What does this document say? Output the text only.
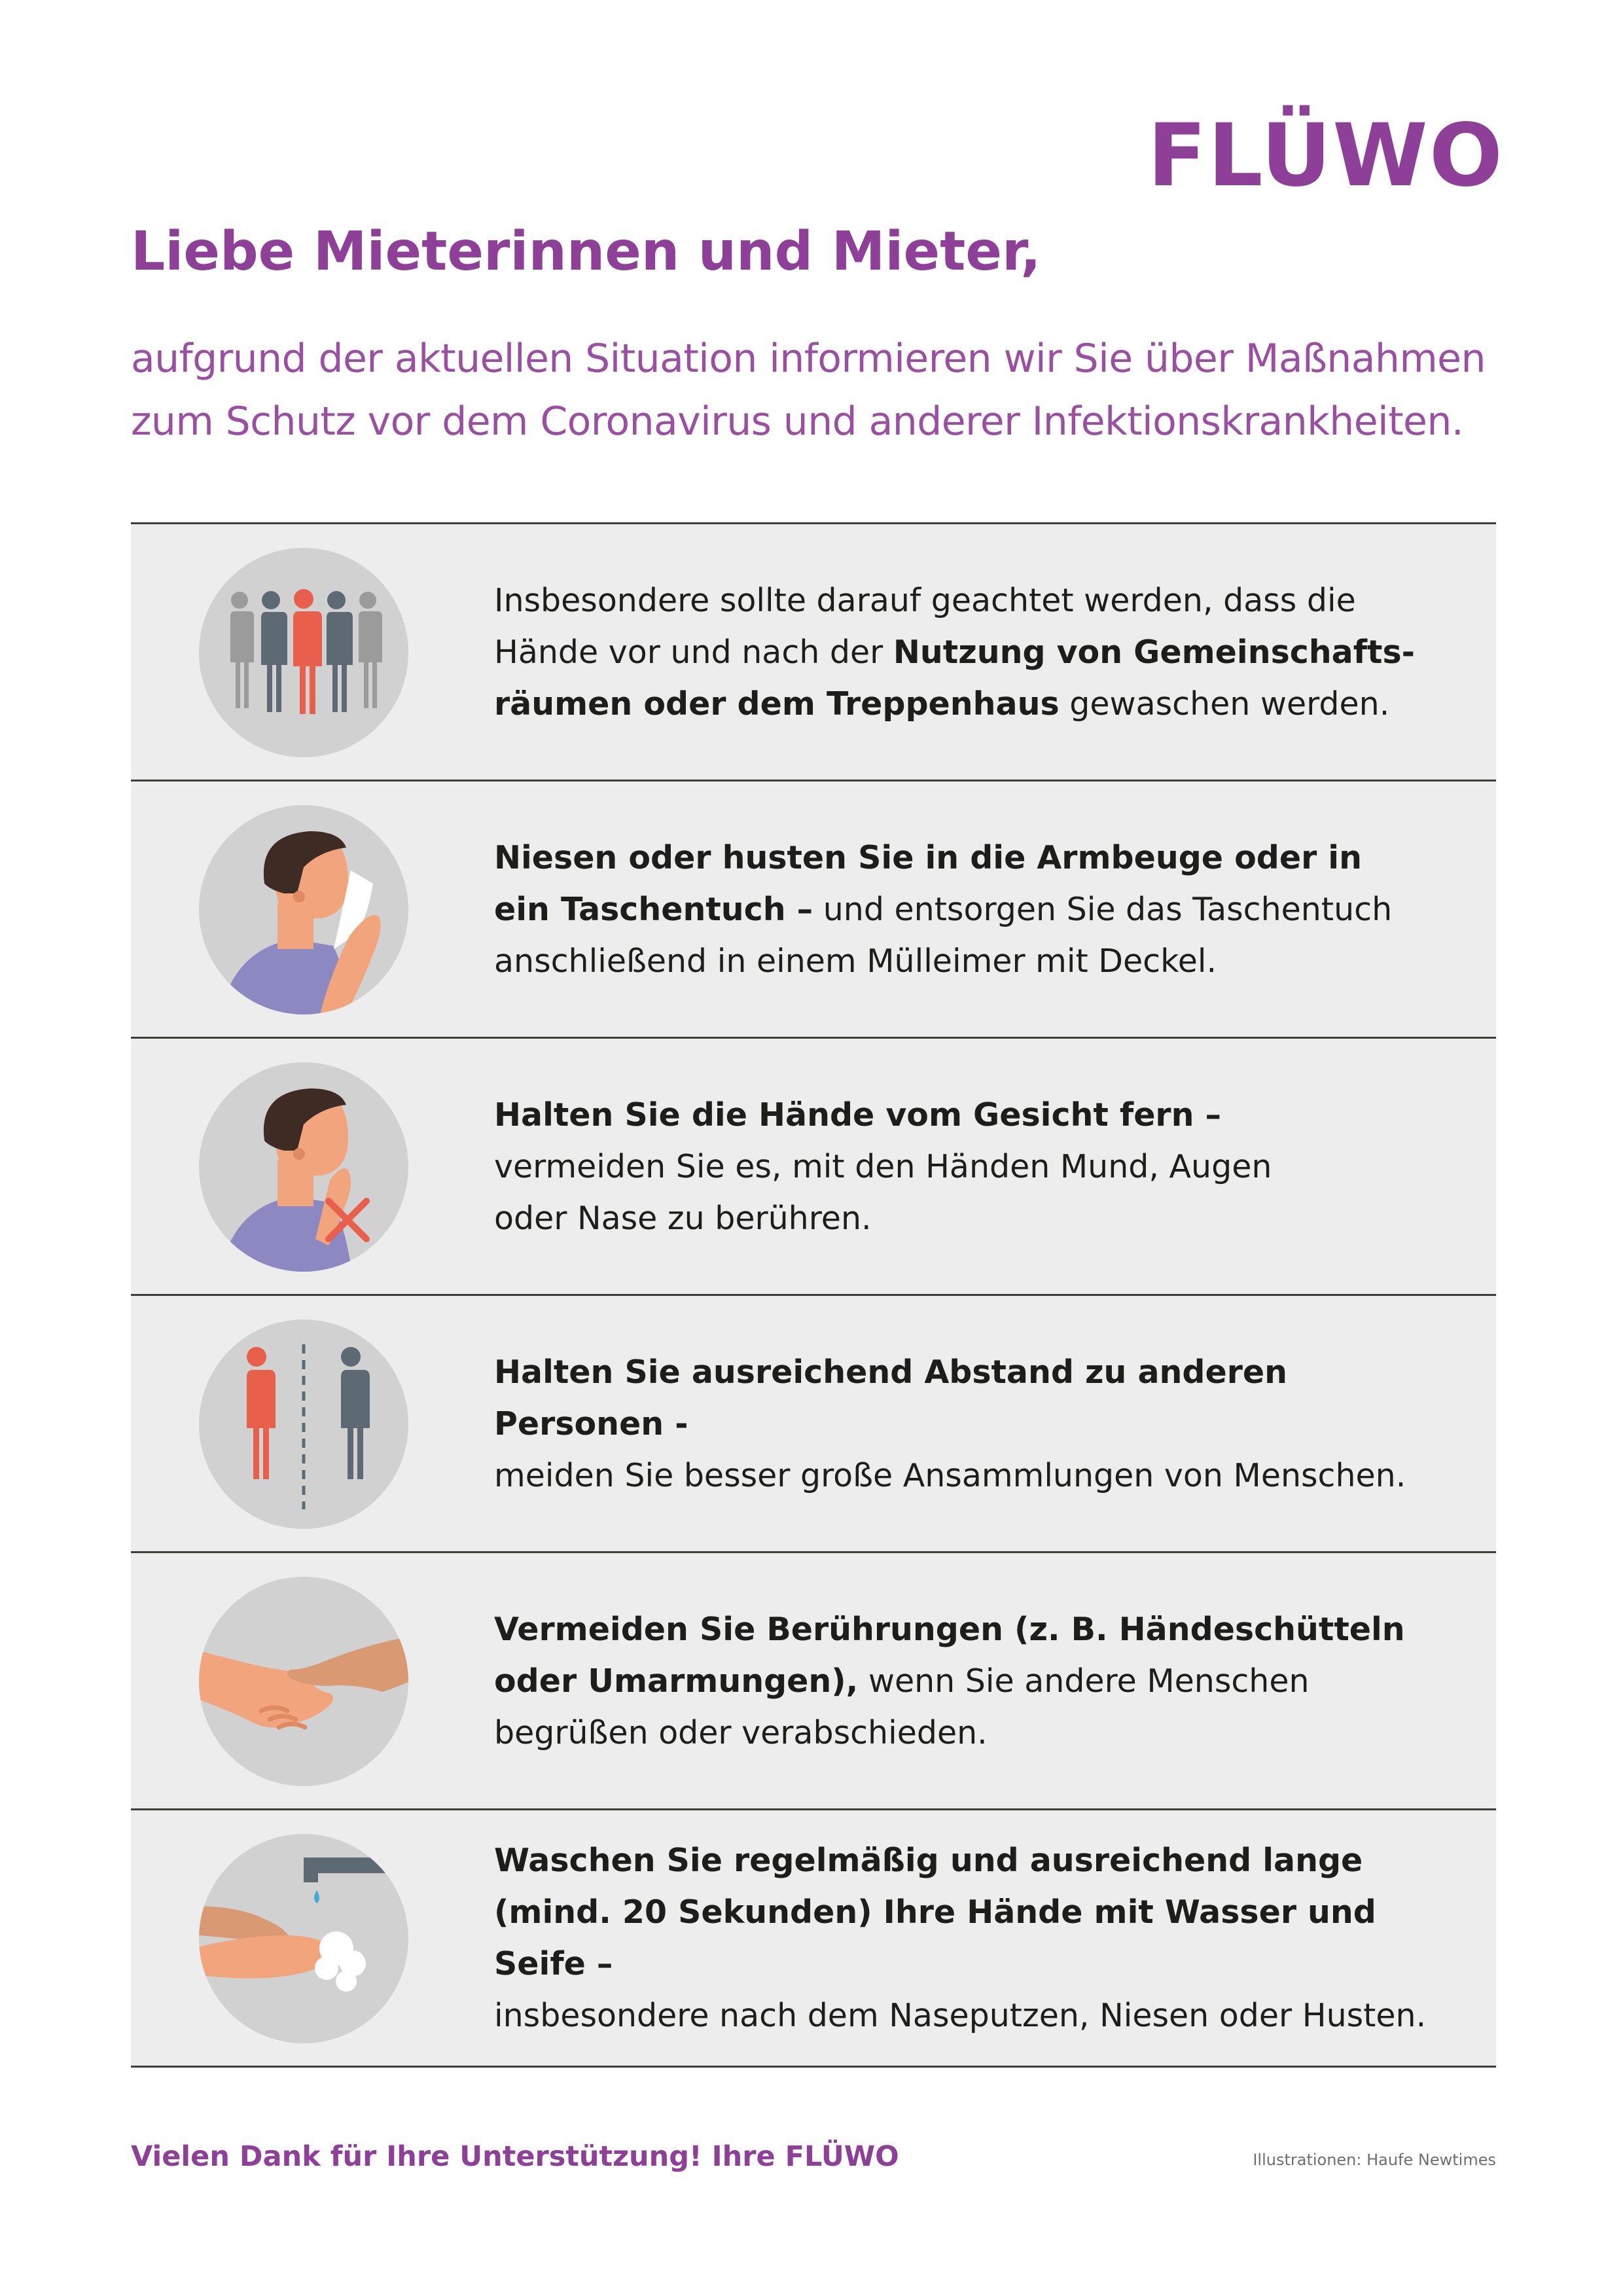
FLÜWO
Liebe Mieterinnen und Mieter,

aufgrund der aktuellen Situation informieren wir Sie über Maßnahmen
zum Schutz vor dem Coronavirus und anderer Infektionskrankheiten.

Insbesondere sollte darauf geachtet werden, dass die
Hände vor und nach der Nutzung von Gemeinschafts-
räumen oder dem Treppenhaus gewaschen werden.
Niesen oder husten Sie in die Armbeuge oder in
ein Taschentuch – und entsorgen Sie das Taschentuch
anschließend in einem Mülleimer mit Deckel.
Halten Sie die Hände vom Gesicht fern –
vermeiden Sie es, mit den Händen Mund, Augen
oder Nase zu berühren.
Halten Sie ausreichend Abstand zu anderen Personen -
meiden Sie besser große Ansammlungen von Menschen.
Vermeiden Sie Berührungen (z. B. Händeschütteln
oder Umarmungen), wenn Sie andere Menschen
begrüßen oder verabschieden.
Waschen Sie regelmäßig und ausreichend lange
(mind. 20 Sekunden) Ihre Hände mit Wasser und Seife –
insbesondere nach dem Naseputzen, Niesen oder Husten.
Vielen Dank für Ihre Unterstützung! Ihre FLÜWO	Illustrationen: Haufe Newtimes
